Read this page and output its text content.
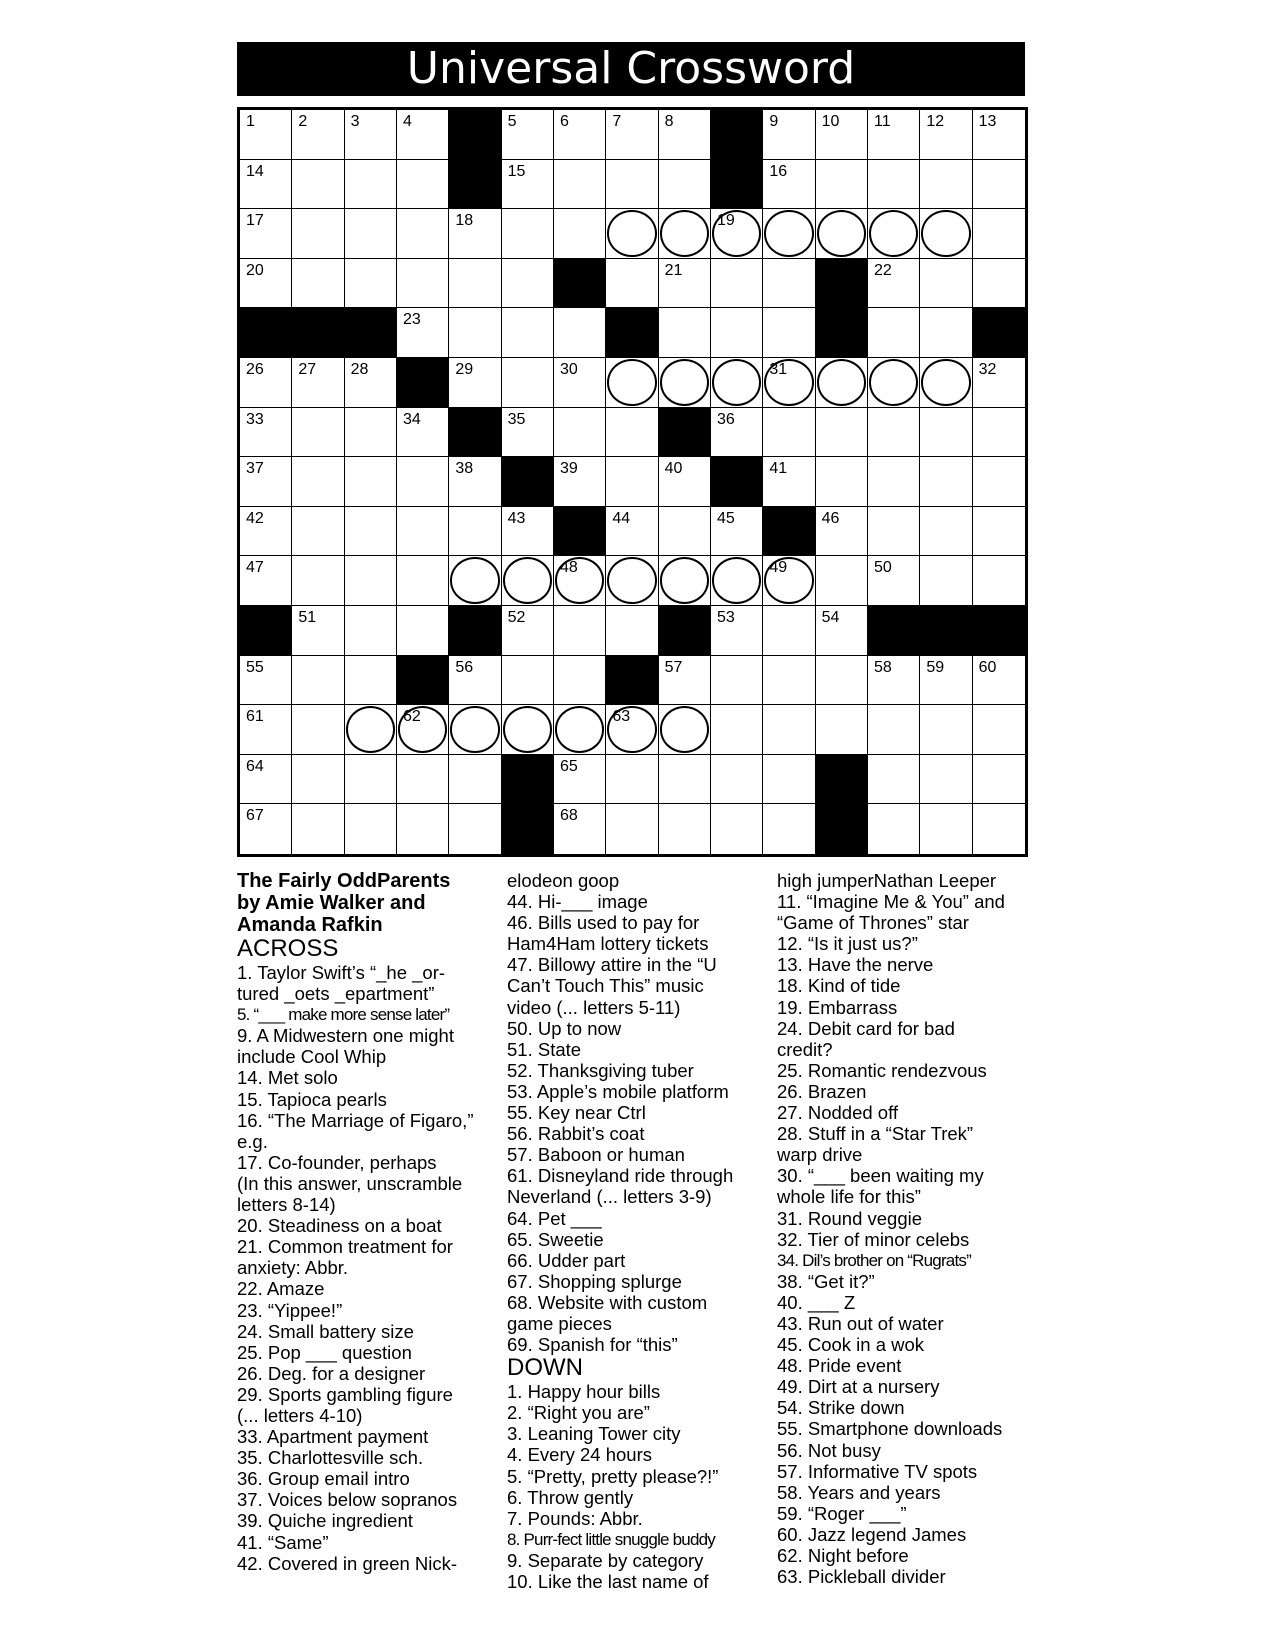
Universal Crossword
1	2	3	4	5	6	7	8	9	10 11 12 13
14	15	16
17	18	19
20	21	22
23	24	25
26 27 28	29	30	31	32
33	34	35	36
37	38	39	40	41
42	43	44	45	46
47	48	49	50
51	52	53	54
55	56	57	58 59 60
61	62	63
64	65	66
67	68	69
The Fairly OddParents
by Amie Walker and
Amanda Rafkin
ACROSS
1. Taylor Swift’s “_he _or-
tured _oets _epartment”
5. “___ make more sense later”
9. A Midwestern one might
include Cool Whip
14. Met solo
15. Tapioca pearls
16. “The Marriage of Figaro,”
e.g.
17. Co-founder, perhaps
(In this answer, unscramble
letters 8-14)
20. Steadiness on a boat
21. Common treatment for
anxiety: Abbr.
22. Amaze
23. “Yippee!”
24. Small battery size
25. Pop ___ question
26. Deg. for a designer
29. Sports gambling figure
(... letters 4-10)
33. Apartment payment
35. Charlottesville sch.
36. Group email intro
37. Voices below sopranos
39. Quiche ingredient
41. “Same”
42. Covered in green Nick-
elodeon goop
44. Hi-___ image
46. Bills used to pay for
Ham4Ham lottery tickets
47. Billowy attire in the “U
Can’t Touch This” music
video (... letters 5-11)
50. Up to now
51. State
52. Thanksgiving tuber
53. Apple’s mobile platform
55. Key near Ctrl
56. Rabbit’s coat
57. Baboon or human
61. Disneyland ride through
Neverland (... letters 3-9)
64. Pet ___
65. Sweetie
66. Udder part
67. Shopping splurge
68. Website with custom
game pieces
69. Spanish for “this”
DOWN
1. Happy hour bills
2. “Right you are”
3. Leaning Tower city
4. Every 24 hours
5. “Pretty, pretty please?!”
6. Throw gently
7. Pounds: Abbr.
8. Purr-fect little snuggle buddy
9. Separate by category
10. Like the last name of
high jumperNathan Leeper
11. “Imagine Me & You” and
“Game of Thrones” star
12. “Is it just us?”
13. Have the nerve
18. Kind of tide
19. Embarrass
24. Debit card for bad
credit?
25. Romantic rendezvous
26. Brazen
27. Nodded off
28. Stuff in a “Star Trek”
warp drive
30. “___ been waiting my
whole life for this”
31. Round veggie
32. Tier of minor celebs
34. Dil’s brother on “Rugrats”
38. “Get it?”
40. ___ Z
43. Run out of water
45. Cook in a wok
48. Pride event
49. Dirt at a nursery
54. Strike down
55. Smartphone downloads
56. Not busy
57. Informative TV spots
58. Years and years
59. “Roger ___”
60. Jazz legend James
62. Night before
63. Pickleball divider
